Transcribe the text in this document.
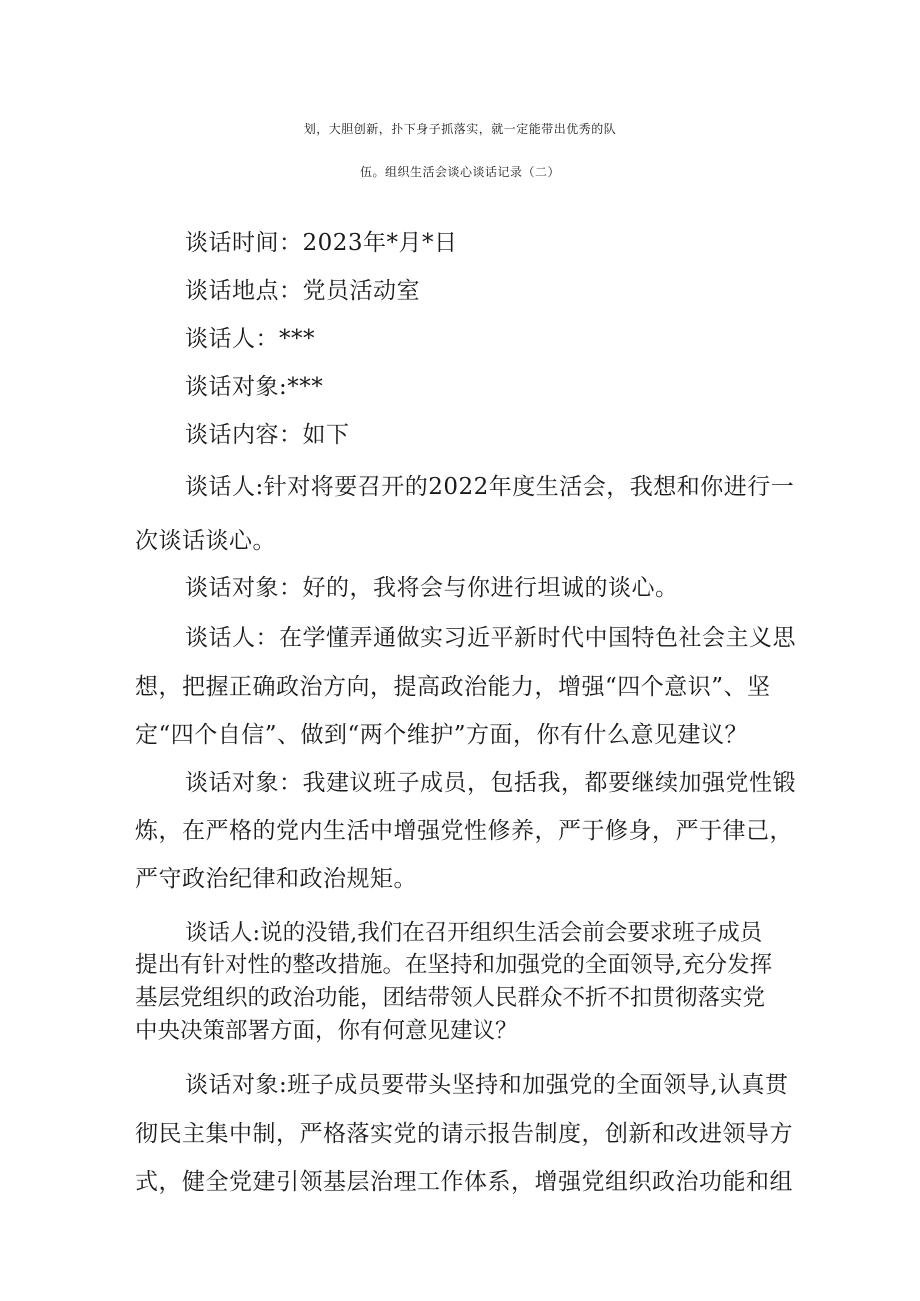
划，大胆创新，扑下身子抓落实，就一定能带出优秀的队
伍。组织生活会谈心谈话记录（二）
谈话时间：2023年*月*日
谈话地点：党员活动室
谈话人：***
谈话对象:***
谈话内容：如下
谈话人:针对将要召开的2022年度生活会，我想和你进行一
次谈话谈心。
谈话对象：好的，我将会与你进行坦诚的谈心。
谈话人：在学懂弄通做实习近平新时代中国特色社会主义思
想，把握正确政治方向，提高政治能力，增强“四个意识”、坚
定“四个自信”、做到“两个维护”方面，你有什么意见建议？
谈话对象：我建议班子成员，包括我，都要继续加强党性锻
炼，在严格的党内生活中增强党性修养，严于修身，严于律己，
严守政治纪律和政治规矩。
谈话人:说的没错,我们在召开组织生活会前会要求班子成员
提出有针对性的整改措施。在坚持和加强党的全面领导,充分发挥
基层党组织的政治功能，团结带领人民群众不折不扣贯彻落实党
中央决策部署方面，你有何意见建议？
谈话对象:班子成员要带头坚持和加强党的全面领导,认真贯
彻民主集中制，严格落实党的请示报告制度，创新和改进领导方
式，健全党建引领基层治理工作体系，增强党组织政治功能和组
